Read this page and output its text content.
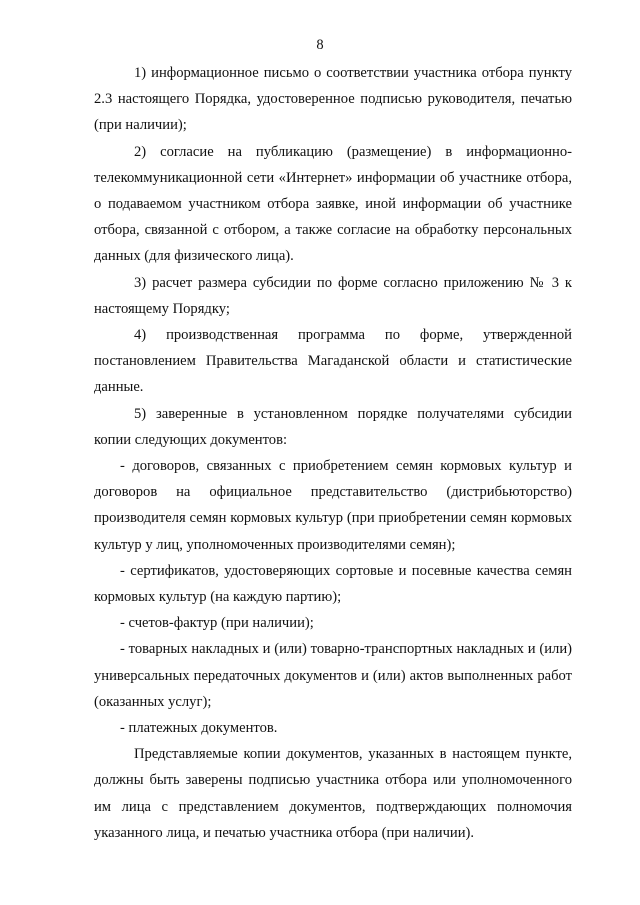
8

1) информационное письмо о соответствии участника отбора пункту 2.3 настоящего Порядка, удостоверенное подписью руководителя, печатью (при наличии);

2) согласие на публикацию (размещение) в информационно-телекоммуникационной сети «Интернет» информации об участнике отбора, о подаваемом участником отбора заявке, иной информации об участнике отбора, связанной с отбором, а также согласие на обработку персональных данных (для физического лица).

3) расчет размера субсидии по форме согласно приложению № 3 к настоящему Порядку;

4) производственная программа по форме, утвержденной постановлением Правительства Магаданской области и статистические данные.

5) заверенные в установленном порядке получателями субсидии копии следующих документов:

- договоров, связанных с приобретением семян кормовых культур и договоров на официальное представительство (дистрибьюторство) производителя семян кормовых культур (при приобретении семян кормовых культур у лиц, уполномоченных производителями семян);

- сертификатов, удостоверяющих сортовые и посевные качества семян кормовых культур (на каждую партию);

- счетов-фактур (при наличии);

- товарных накладных и (или) товарно-транспортных накладных и (или) универсальных передаточных документов и (или) актов выполненных работ (оказанных услуг);

- платежных документов.

Представляемые копии документов, указанных в настоящем пункте, должны быть заверены подписью участника отбора или уполномоченного им лица с представлением документов, подтверждающих полномочия указанного лица, и печатью участника отбора (при наличии).
